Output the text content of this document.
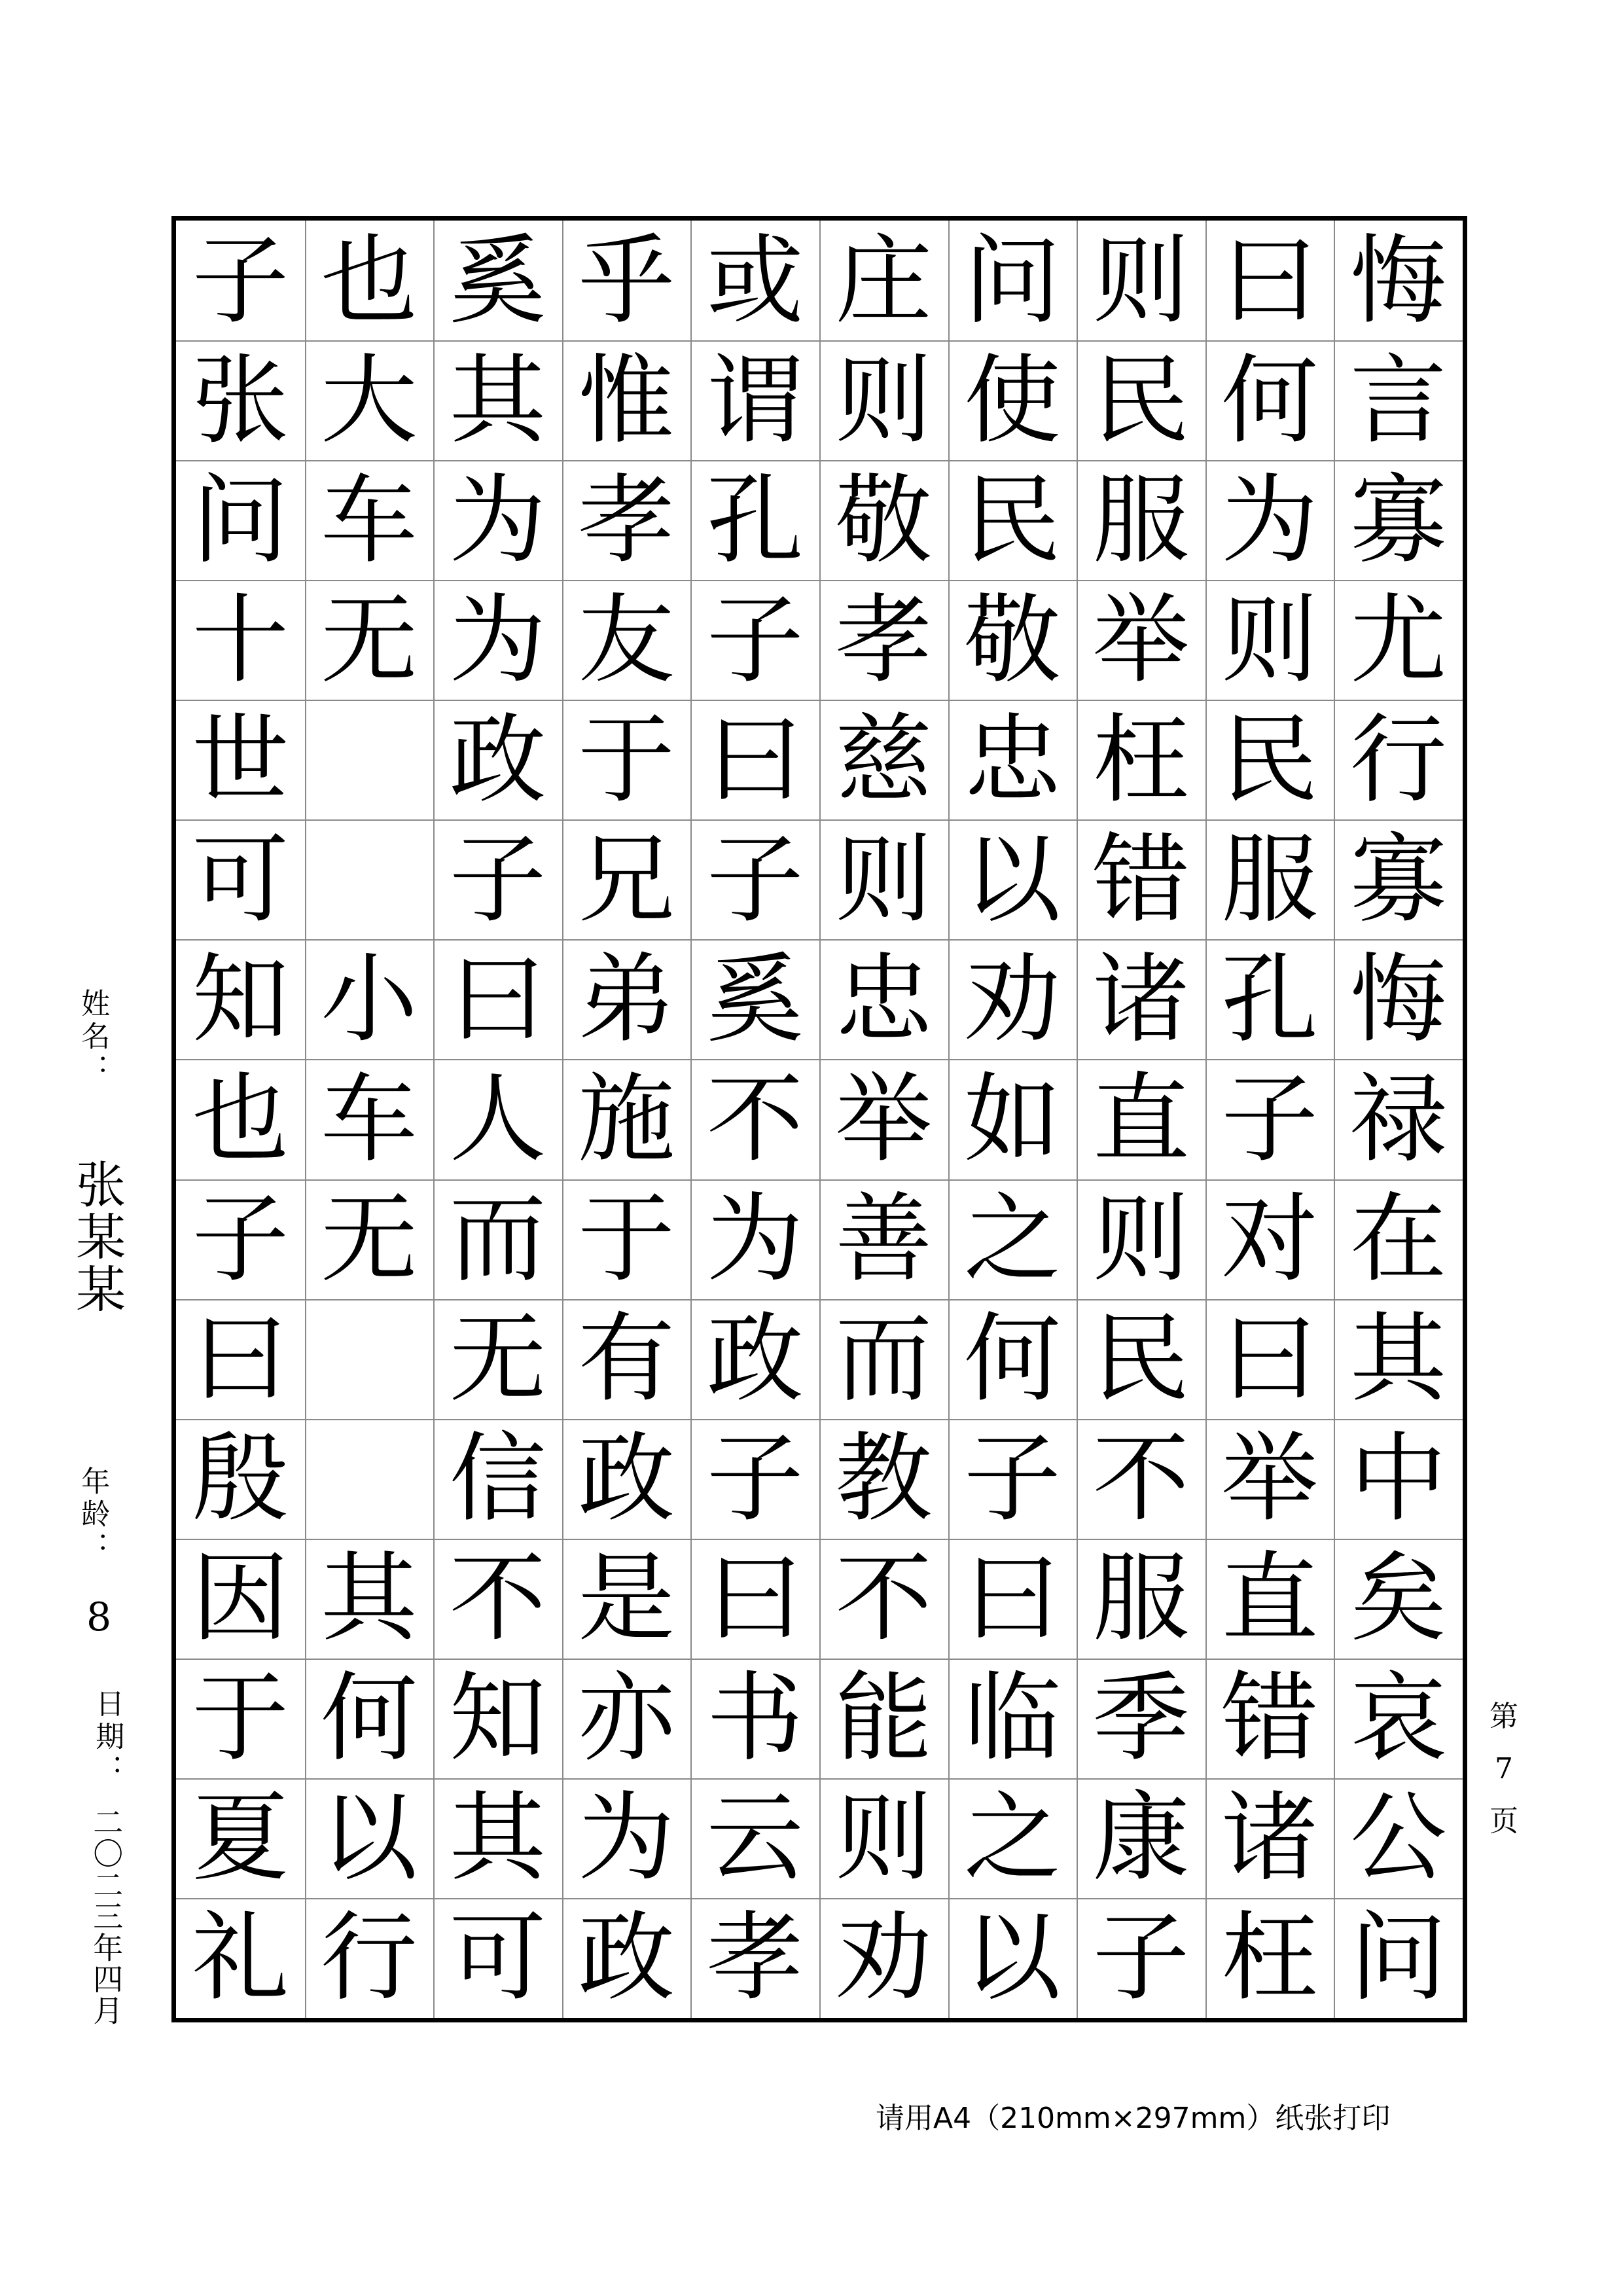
悔
言
寡
尤
行
寡
悔
禄
在
其
中
矣
哀
公
问
曰
何
为
则
民
服
孔
子
对
曰
举
直
错
诸
枉
则
民
服
举
枉
错
诸
直
则
民
不
服
季
康
子
问
使
民
敬
忠
以
劝
如
之
何
子
曰
临
之
以
庄
则
敬
孝
慈
则
忠
举
善
而
教
不
能
则
劝
或
谓
孔
子
曰
子
奚
不
为
政
子
曰
书
云
孝
乎
惟
孝
友
于
兄
弟
施
于
有
政
是
亦
为
政
奚
其
为
为
政
子
曰
人
而
无
信
不
知
其
可
也
大
车
无
小
车
无
其
何
以
行
子
张
问
十
世
可
知
也
子
曰
殷
因
于
夏
礼
姓名：
张某某
年龄：
8
日期：
二〇二三年四月
第
7
页
请用A4（210mm×297mm）纸张打印
